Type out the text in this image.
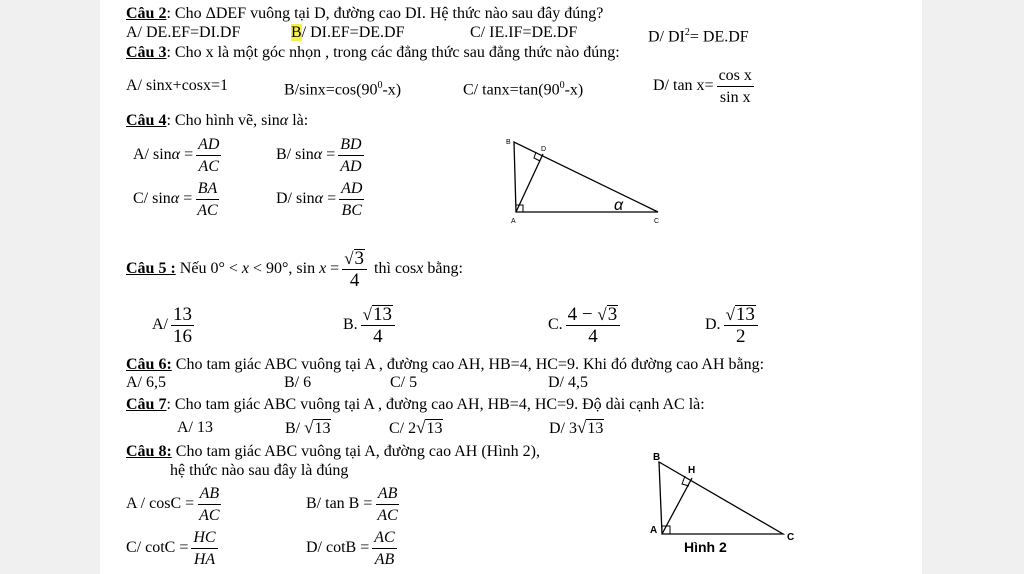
Câu 2: Cho ΔDEF vuông tại D, đường cao DI. Hệ thức nào sau đây đúng?
A/ DE.EF=DI.DF	B/ DI.EF=DE.DF	C/ IE.IF=DE.DF	D/ $DI^2= DE.DF$
Câu 3: Cho x là một góc nhọn , trong các đẳng thức sau đẳng thức nào đúng:
A/ sinx+cosx=1	$B/\sin x=\cos(90^0-x)$	C/ $\tan x=\tan(90^0-x)$	D/ $\tan x= \frac{\text{cos x}}{\text{sin x}}$
Câu 4: Cho hình vẽ, sinα là:
A/ $\sin\alpha = \frac{AD}{AC}$	B/ $\sin\alpha = \frac{BD}{AD}$
C/ $\sin\alpha = \frac{BA}{AC}$	D/ $\sin\alpha = \frac{AD}{BC}$
B
D
A	C
α
Câu 5 : Nếu 0° < x < 90°, $\sin x = \frac{√3}{4}$ thì cosx bằng:
$A/ \frac{13}{16}$	B. $\frac{√13}{4}$	C. $\frac{4 - √3}{4}$	D. $\frac{√13}{2}$
Câu 6: Cho tam giác ABC vuông tại A , đường cao AH, HB=4, HC=9. Khi đó đường cao AH bằng:
A/ 6,5	B/ 6	C/ 5	D/ 4,5
Câu 7: Cho tam giác ABC vuông tại A , đường cao AH, HB=4, HC=9. Độ dài cạnh AC là:
A/ 13	B/ √13	C/ 2√13	D/ 3√13
Câu 8: Cho tam giác ABC vuông tại A, đường cao AH (Hình 2),
hệ thức nào sau đây là đúng
$A / \cos C = \frac{AB}{AC}$	B/ $\tan B = \frac{AB}{AC}$
C/ $\cot C = \frac{HC}{HA}$	D/ $\cot B = \frac{AC}{AB}$
B
H
A
C
Hình 2
